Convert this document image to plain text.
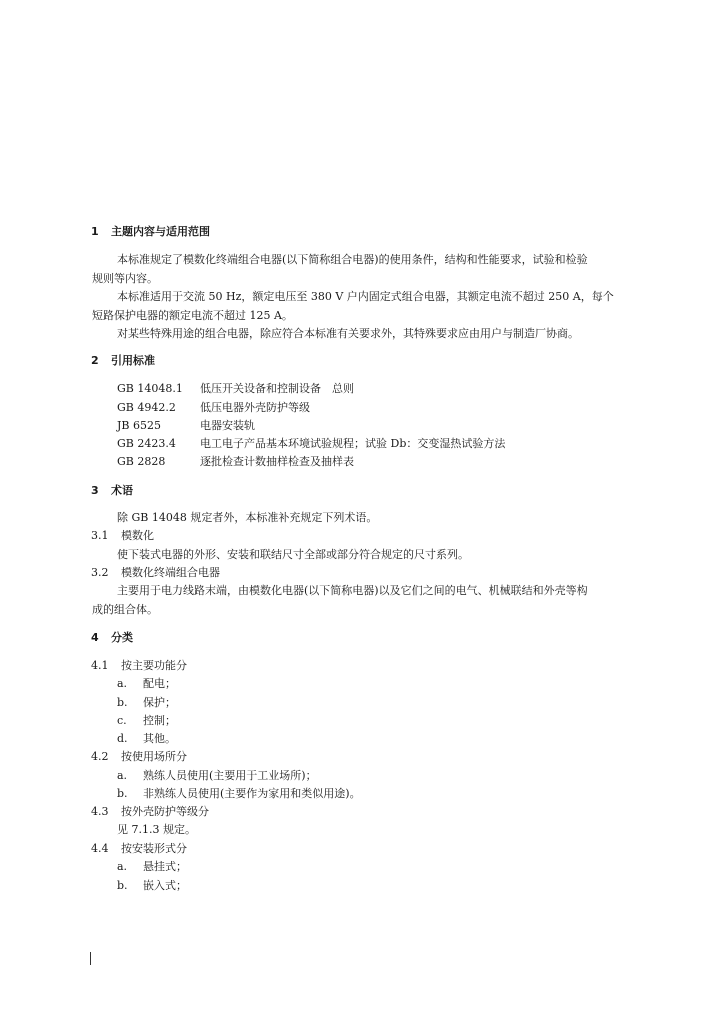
1 主题内容与适用范围
本标准规定了模数化终端组合电器(以下简称组合电器)的使用条件，结构和性能要求，试验和检验
规则等内容。
本标准适用于交流 50 Hz，额定电压至 380 V 户内固定式组合电器，其额定电流不超过 250 A，每个
短路保护电器的额定电流不超过 125 A。
对某些特殊用途的组合电器，除应符合本标准有关要求外，其特殊要求应由用户与制造厂协商。
2 引用标准
GB 14048.1 低压开关设备和控制设备　总则
GB 4942.2 低压电器外壳防护等级
JB 6525	电器安装轨
GB 2423.4 电工电子产品基本环境试验规程；试验 Db：交变湿热试验方法
GB 2828	逐批检查计数抽样检查及抽样表
3 术语
除 GB 14048 规定者外，本标准补充规定下列术语。
3.1 模数化
使下装式电器的外形、安装和联结尺寸全部或部分符合规定的尺寸系列。
3.2 模数化终端组合电器
主要用于电力线路末端，由模数化电器(以下简称电器)以及它们之间的电气、机械联结和外壳等构
成的组合体。
4 分类
4.1 按主要功能分
a. 配电；
b. 保护；
c. 控制；
d. 其他。
4.2 按使用场所分
a. 熟练人员使用(主要用于工业场所)；
b. 非熟练人员使用(主要作为家用和类似用途)。
4.3 按外壳防护等级分
见 7.1.3 规定。
4.4 按安装形式分
a. 悬挂式；
b. 嵌入式；
